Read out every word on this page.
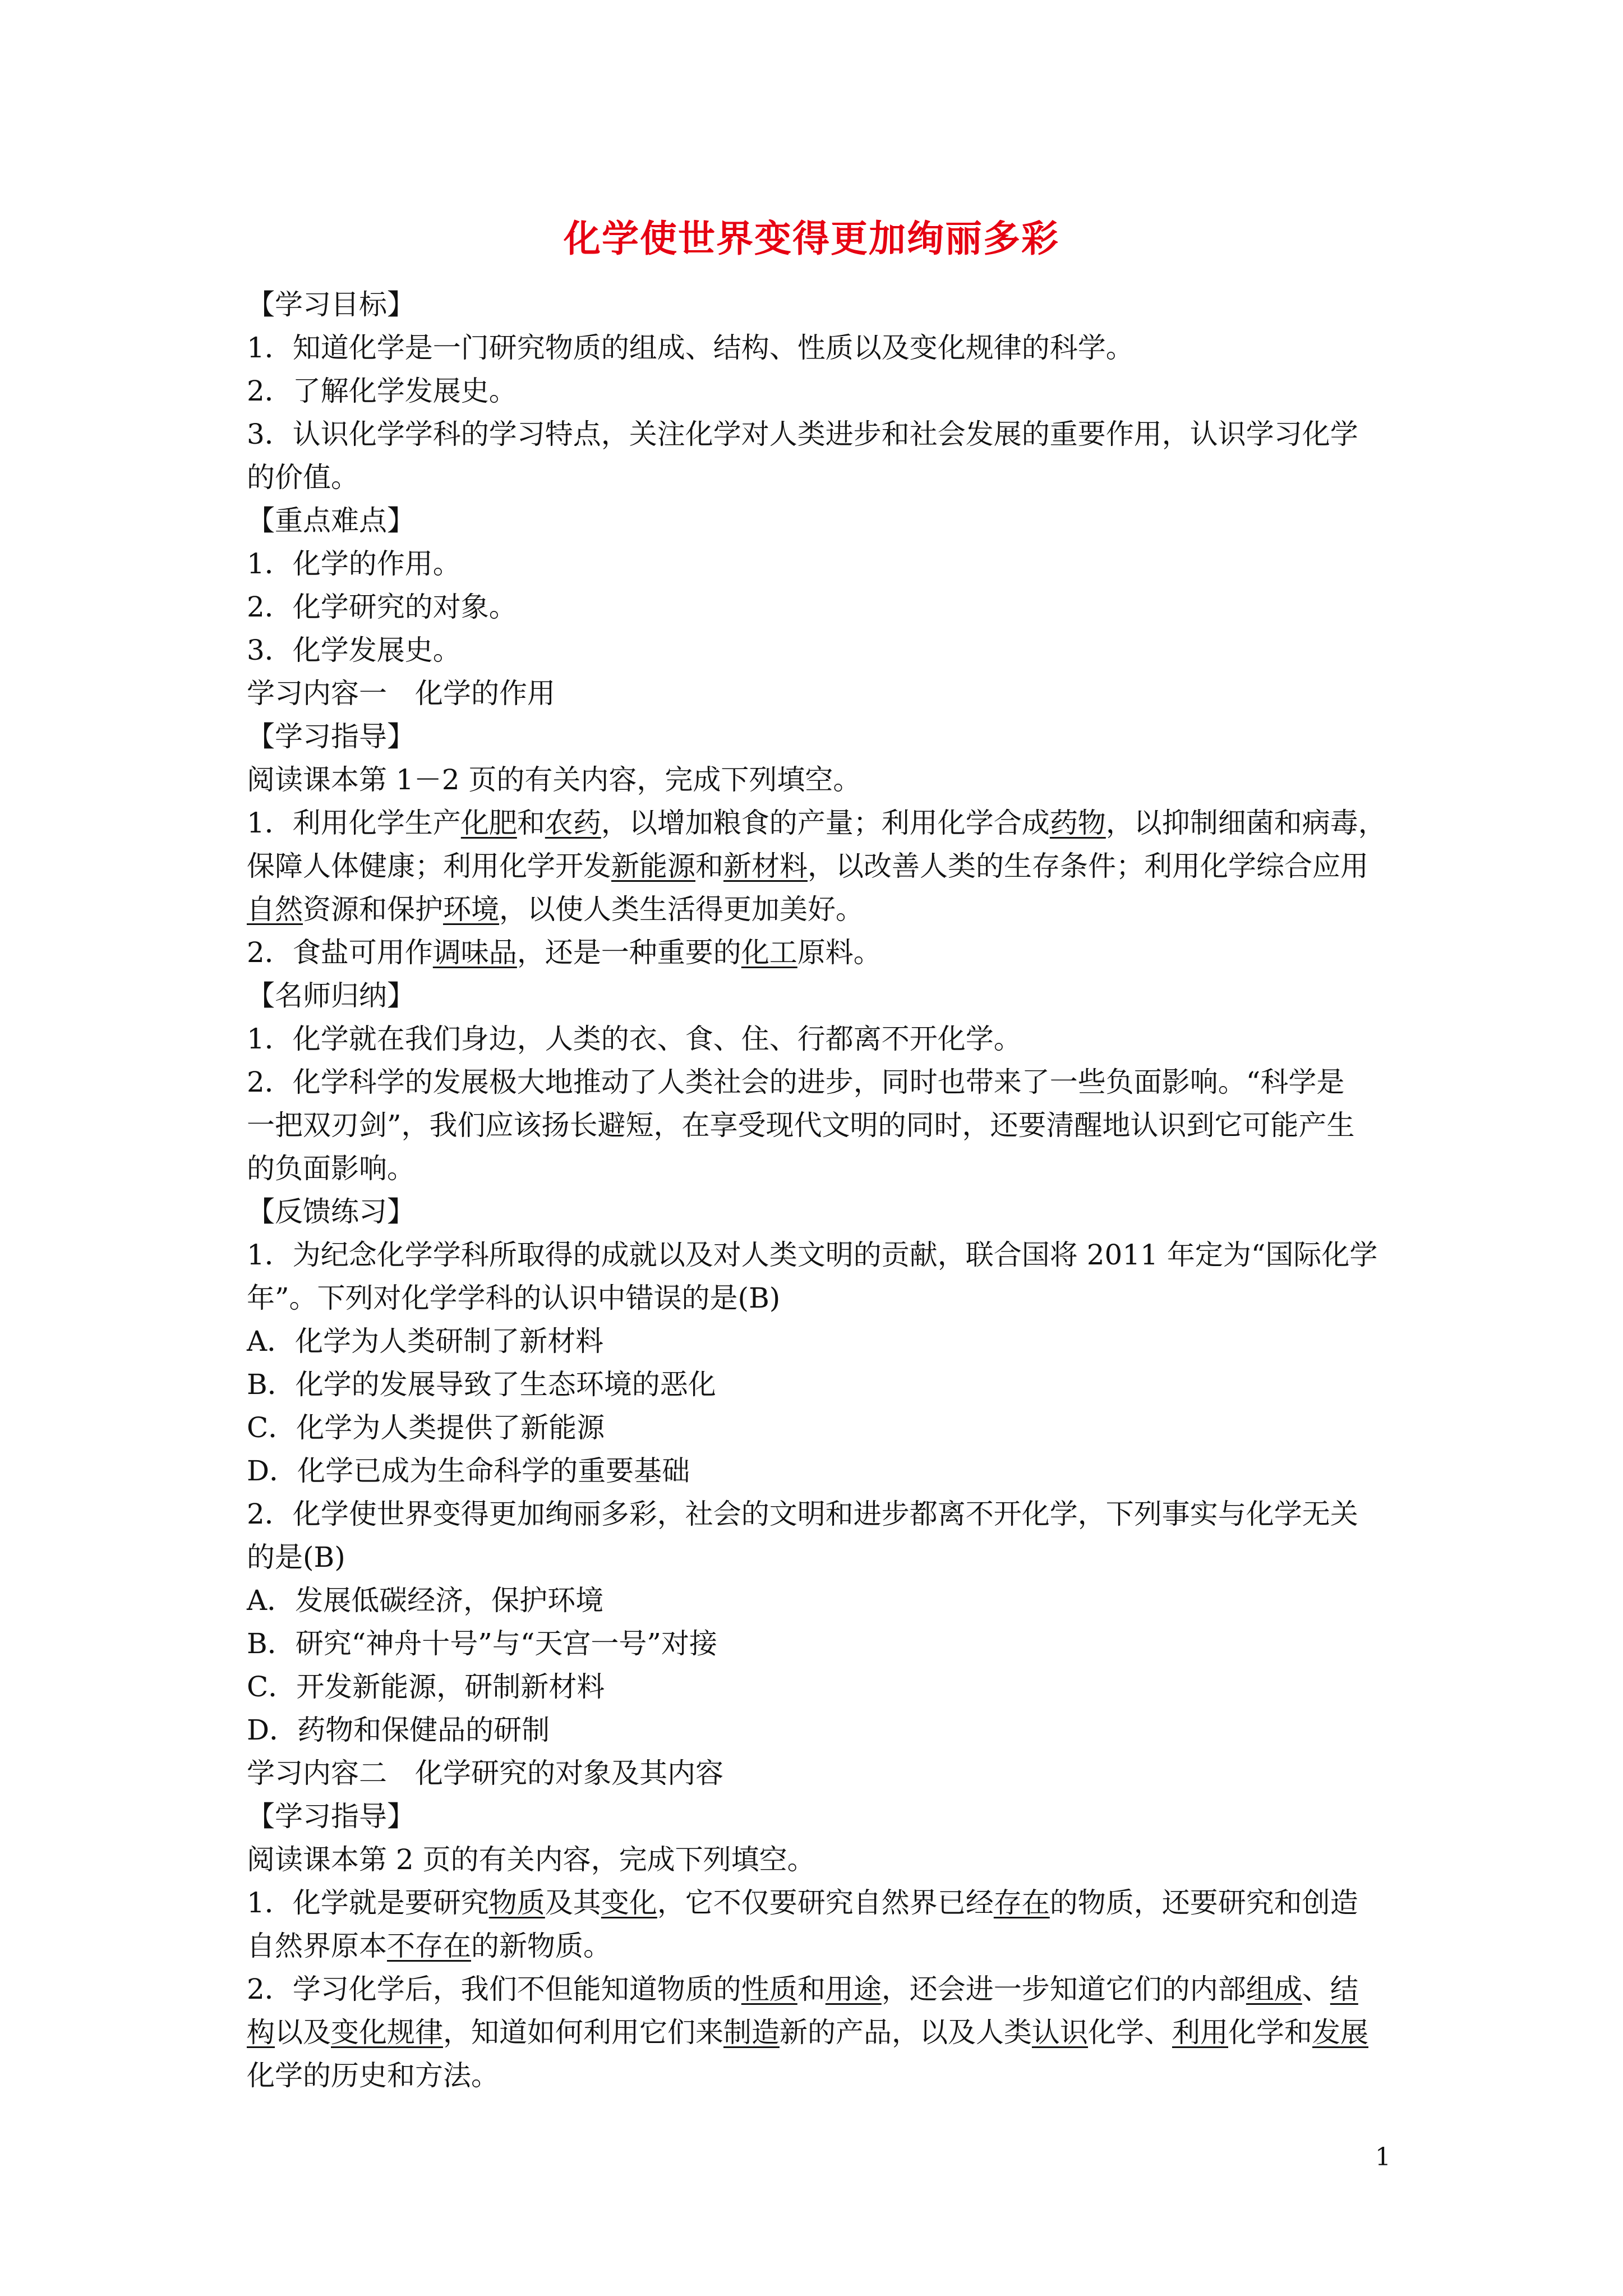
化学使世界变得更加绚丽多彩
【学习目标】
1．知道化学是一门研究物质的组成、结构、性质以及变化规律的科学。
2．了解化学发展史。
3．认识化学学科的学习特点，关注化学对人类进步和社会发展的重要作用，认识学习化学
的价值。
【重点难点】
1．化学的作用。
2．化学研究的对象。
3．化学发展史。
学习内容一　化学的作用
【学习指导】
阅读课本第 1－2 页的有关内容，完成下列填空。
1．利用化学生产化肥和农药，以增加粮食的产量；利用化学合成药物，以抑制细菌和病毒，
保障人体健康；利用化学开发新能源和新材料，以改善人类的生存条件；利用化学综合应用
自然资源和保护环境，以使人类生活得更加美好。
2．食盐可用作调味品，还是一种重要的化工原料。
【名师归纳】
1．化学就在我们身边，人类的衣、食、住、行都离不开化学。
2．化学科学的发展极大地推动了人类社会的进步，同时也带来了一些负面影响。“科学是
一把双刃剑”，我们应该扬长避短，在享受现代文明的同时，还要清醒地认识到它可能产生
的负面影响。
【反馈练习】
1．为纪念化学学科所取得的成就以及对人类文明的贡献，联合国将 2011 年定为“国际化学
年”。下列对化学学科的认识中错误的是(B)
A．化学为人类研制了新材料
B．化学的发展导致了生态环境的恶化
C．化学为人类提供了新能源
D．化学已成为生命科学的重要基础
2．化学使世界变得更加绚丽多彩，社会的文明和进步都离不开化学，下列事实与化学无关
的是(B)
A．发展低碳经济，保护环境
B．研究“神舟十号”与“天宫一号”对接
C．开发新能源，研制新材料
D．药物和保健品的研制
学习内容二　化学研究的对象及其内容
【学习指导】
阅读课本第 2 页的有关内容，完成下列填空。
1．化学就是要研究物质及其变化，它不仅要研究自然界已经存在的物质，还要研究和创造
自然界原本不存在的新物质。
2．学习化学后，我们不但能知道物质的性质和用途，还会进一步知道它们的内部组成、结
构以及变化规律，知道如何利用它们来制造新的产品，以及人类认识化学、利用化学和发展
化学的历史和方法。
1
